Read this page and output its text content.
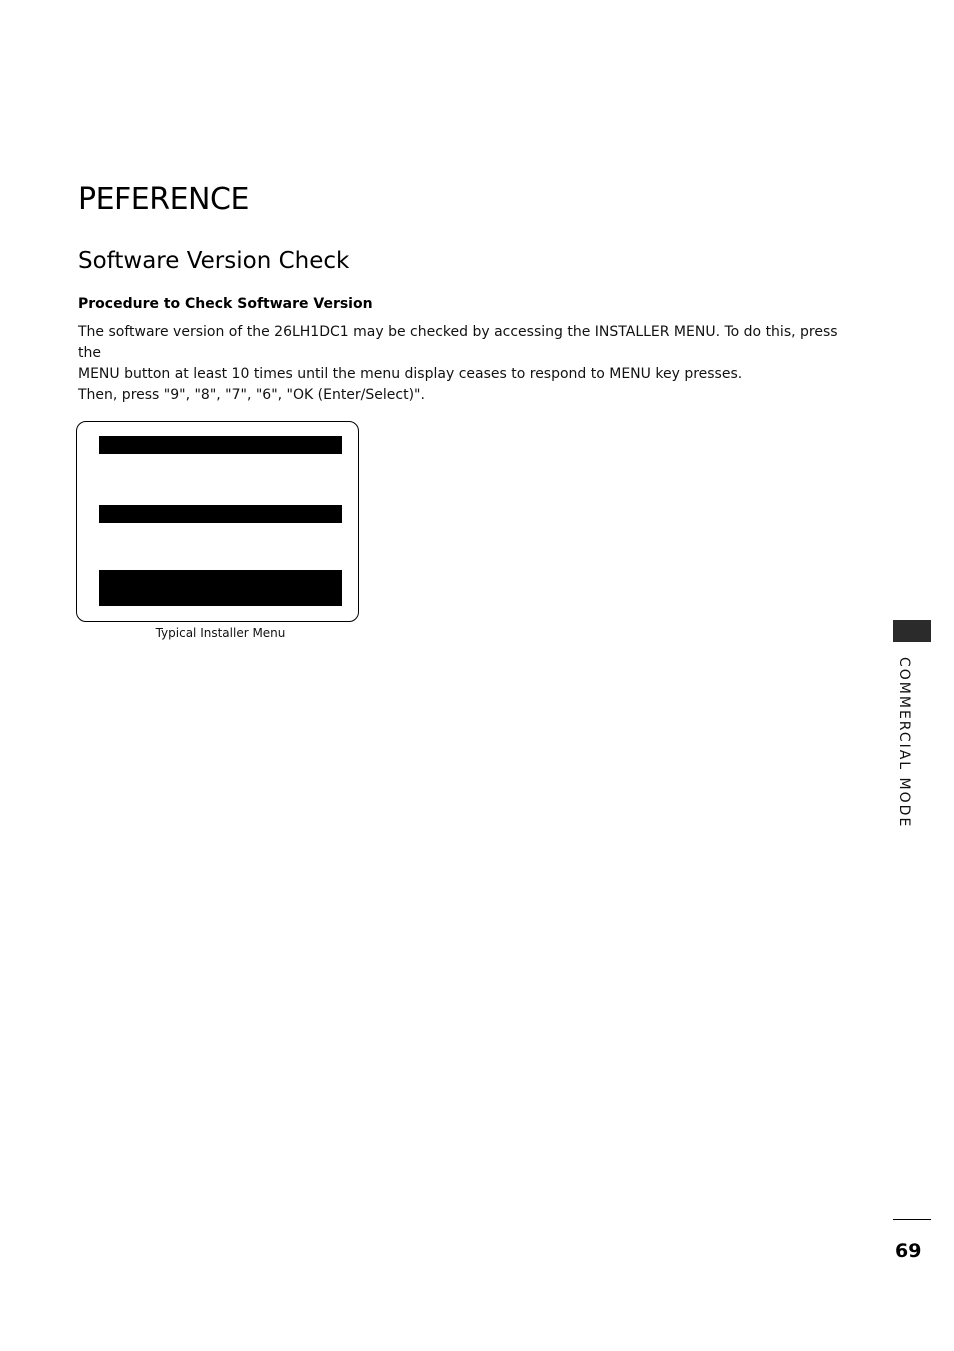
PEFERENCE
Software Version Check
Procedure to Check Software Version

The software version of the 26LH1DC1 may be checked by accessing the INSTALLER MENU. To do this, press the
MENU button at least 10 times until the menu display ceases to respond to MENU key presses.
Then, press "9", "8", "7", "6", "OK (Enter/Select)".

Typical Installer Menu
COMMERCIAL MODE
69
